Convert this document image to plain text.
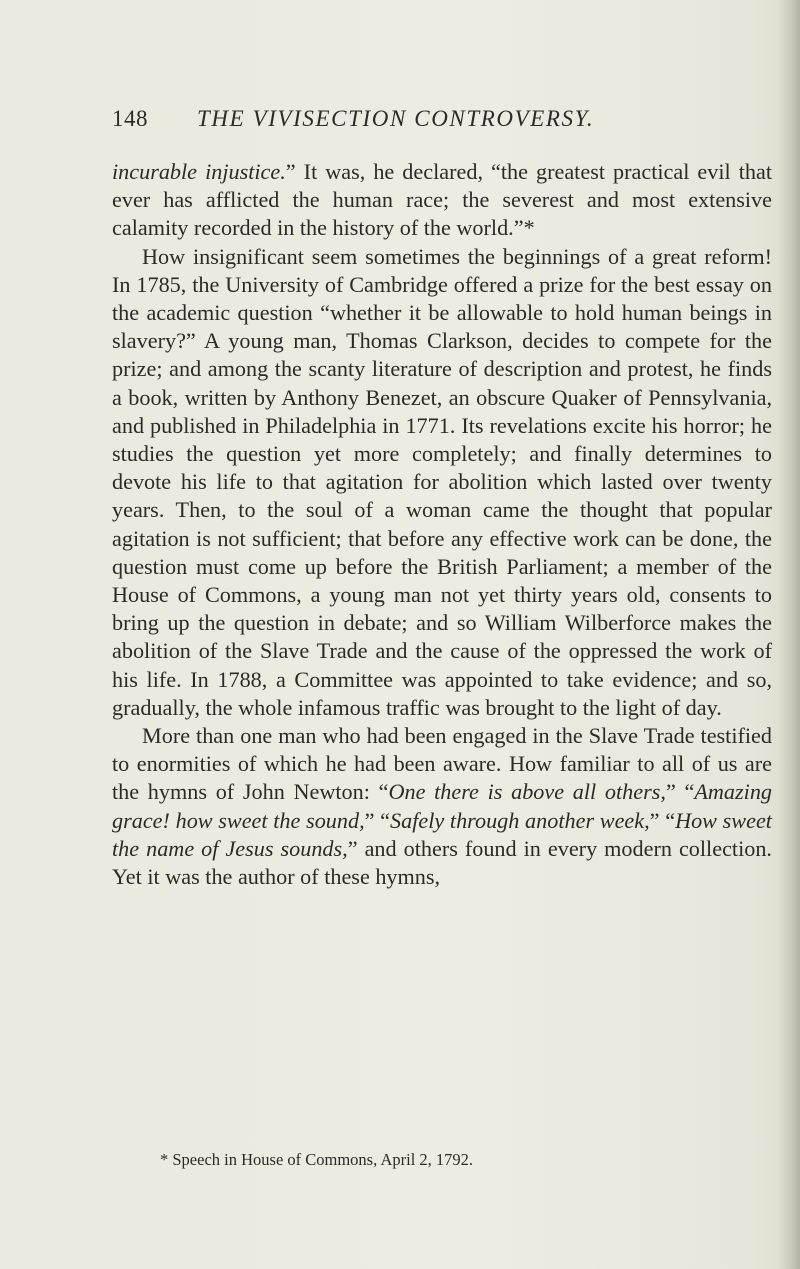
148 THE VIVISECTION CONTROVERSY.

incurable injustice.” It was, he declared, “the greatest practical evil that ever has afflicted the human race; the severest and most extensive calamity recorded in the history of the world.”*

How insignificant seem sometimes the beginnings of a great reform! In 1785, the University of Cambridge offered a prize for the best essay on the academic question “whether it be allowable to hold human beings in slavery?” A young man, Thomas Clarkson, decides to compete for the prize; and among the scanty literature of description and protest, he finds a book, written by Anthony Benezet, an obscure Quaker of Pennsylvania, and published in Philadelphia in 1771. Its revelations excite his horror; he studies the question yet more completely; and finally determines to devote his life to that agitation for abolition which lasted over twenty years. Then, to the soul of a woman came the thought that popular agitation is not sufficient; that before any effective work can be done, the question must come up before the British Parliament; a member of the House of Commons, a young man not yet thirty years old, consents to bring up the question in debate; and so William Wilberforce makes the abolition of the Slave Trade and the cause of the oppressed the work of his life. In 1788, a Committee was appointed to take evidence; and so, gradually, the whole infamous traffic was brought to the light of day.

More than one man who had been engaged in the Slave Trade testified to enormities of which he had been aware. How familiar to all of us are the hymns of John Newton: “One there is above all others,” “Amazing grace! how sweet the sound,” “Safely through another week,” “How sweet the name of Jesus sounds,” and others found in every modern collection. Yet it was the author of these hymns,

* Speech in House of Commons, April 2, 1792.
